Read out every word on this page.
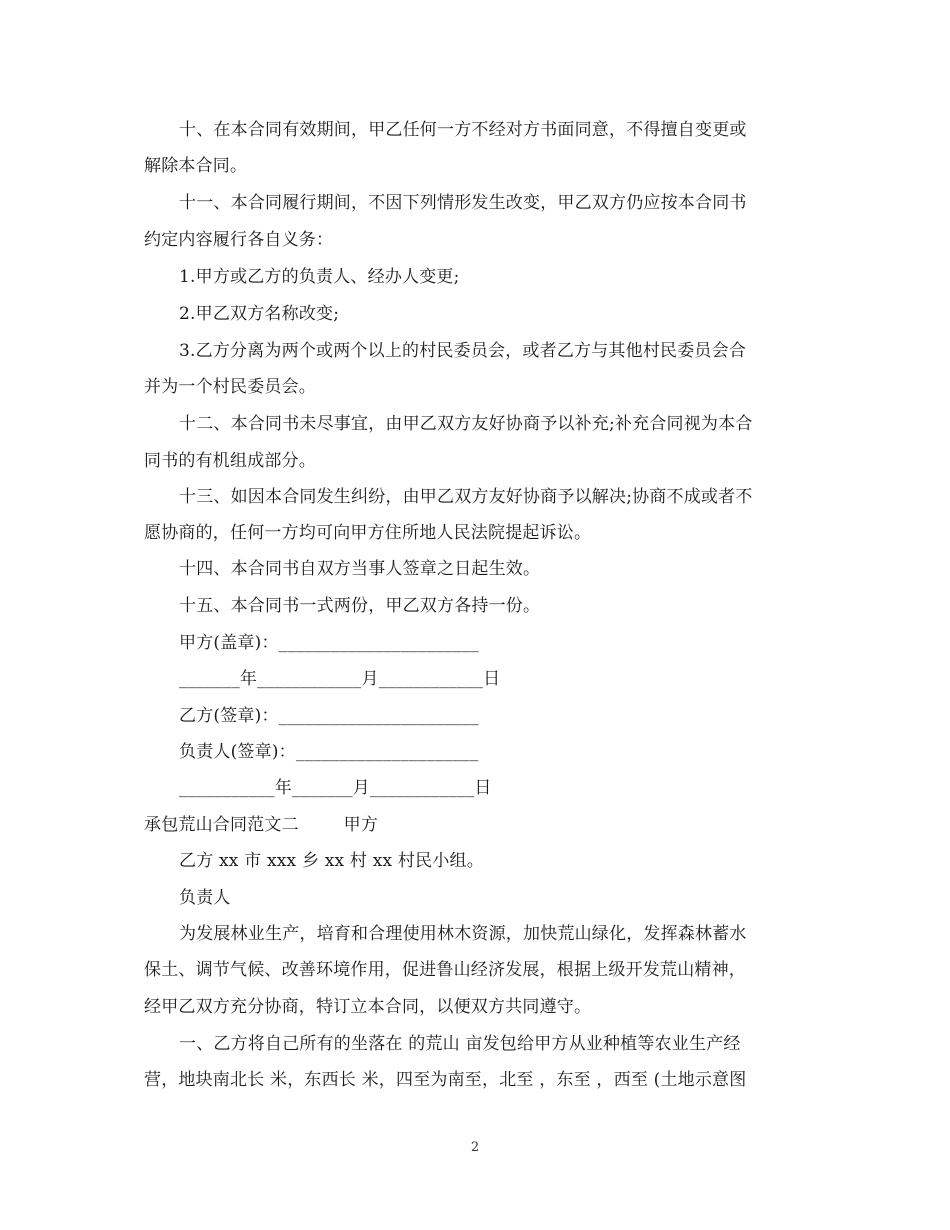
十、在本合同有效期间，甲乙任何一方不经对方书面同意，不得擅自变更或
解除本合同。
十一、本合同履行期间，不因下列情形发生改变，甲乙双方仍应按本合同书
约定内容履行各自义务：
1.甲方或乙方的负责人、经办人变更;
2.甲乙双方名称改变;
3.乙方分离为两个或两个以上的村民委员会，或者乙方与其他村民委员会合
并为一个村民委员会。
十二、本合同书未尽事宜，由甲乙双方友好协商予以补充;补充合同视为本合
同书的有机组成部分。
十三、如因本合同发生纠纷，由甲乙双方友好协商予以解决;协商不成或者不
愿协商的，任何一方均可向甲方住所地人民法院提起诉讼。
十四、本合同书自双方当事人签章之日起生效。
十五、本合同书一式两份，甲乙双方各持一份。
甲方(盖章)：_______________________
_______年____________月____________日
乙方(签章)：_______________________
负责人(签章)：_____________________
___________年_______月____________日
承包荒山合同范文二        甲方
乙方 xx 市 xxx 乡 xx 村 xx 村民小组。
负责人
为发展林业生产，培育和合理使用林木资源，加快荒山绿化，发挥森林蓄水
保土、调节气候、改善环境作用，促进鲁山经济发展，根据上级开发荒山精神，
经甲乙双方充分协商，特订立本合同，以便双方共同遵守。
一、乙方将自己所有的坐落在 的荒山 亩发包给甲方从业种植等农业生产经
营，地块南北长 米，东西长 米，四至为南至，北至 ，东至 ，西至 (土地示意图
2
